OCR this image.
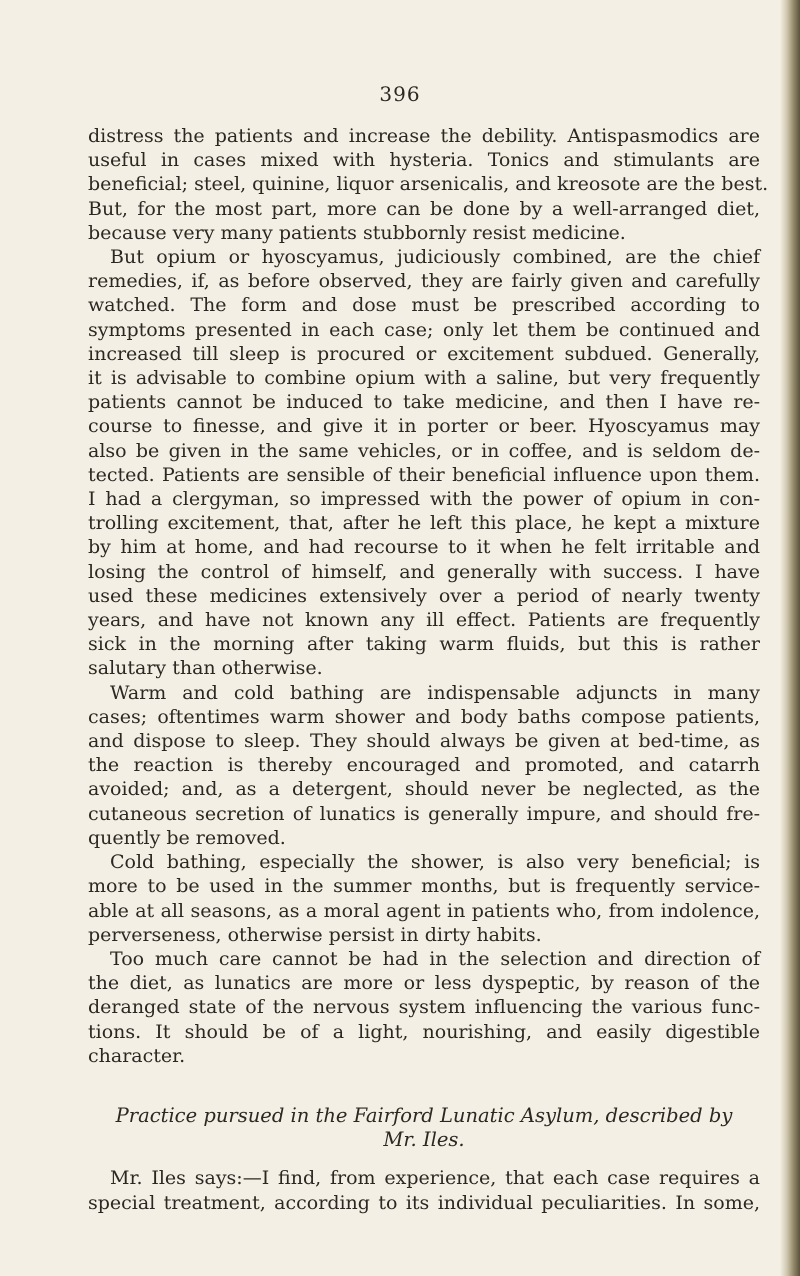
396
distress the patients and increase the debility. Antispasmodics are
useful in cases mixed with hysteria. Tonics and stimulants are
beneficial; steel, quinine, liquor arsenicalis, and kreosote are the best.
But, for the most part, more can be done by a well-arranged diet,
because very many patients stubbornly resist medicine.
But opium or hyoscyamus, judiciously combined, are the chief
remedies, if, as before observed, they are fairly given and carefully
watched. The form and dose must be prescribed according to
symptoms presented in each case; only let them be continued and
increased till sleep is procured or excitement subdued. Generally,
it is advisable to combine opium with a saline, but very frequently
patients cannot be induced to take medicine, and then I have re-
course to finesse, and give it in porter or beer. Hyoscyamus may
also be given in the same vehicles, or in coffee, and is seldom de-
tected. Patients are sensible of their beneficial influence upon them.
I had a clergyman, so impressed with the power of opium in con-
trolling excitement, that, after he left this place, he kept a mixture
by him at home, and had recourse to it when he felt irritable and
losing the control of himself, and generally with success. I have
used these medicines extensively over a period of nearly twenty
years, and have not known any ill effect. Patients are frequently
sick in the morning after taking warm fluids, but this is rather
salutary than otherwise.
Warm and cold bathing are indispensable adjuncts in many
cases; oftentimes warm shower and body baths compose patients,
and dispose to sleep. They should always be given at bed-time, as
the reaction is thereby encouraged and promoted, and catarrh
avoided; and, as a detergent, should never be neglected, as the
cutaneous secretion of lunatics is generally impure, and should fre-
quently be removed.
Cold bathing, especially the shower, is also very beneficial; is
more to be used in the summer months, but is frequently service-
able at all seasons, as a moral agent in patients who, from indolence,
perverseness, otherwise persist in dirty habits.
Too much care cannot be had in the selection and direction of
the diet, as lunatics are more or less dyspeptic, by reason of the
deranged state of the nervous system influencing the various func-
tions. It should be of a light, nourishing, and easily digestible
character.
Practice pursued in the Fairford Lunatic Asylum, described by
Mr. Iles.
Mr. Iles says:—I find, from experience, that each case requires a
special treatment, according to its individual peculiarities. In some,
